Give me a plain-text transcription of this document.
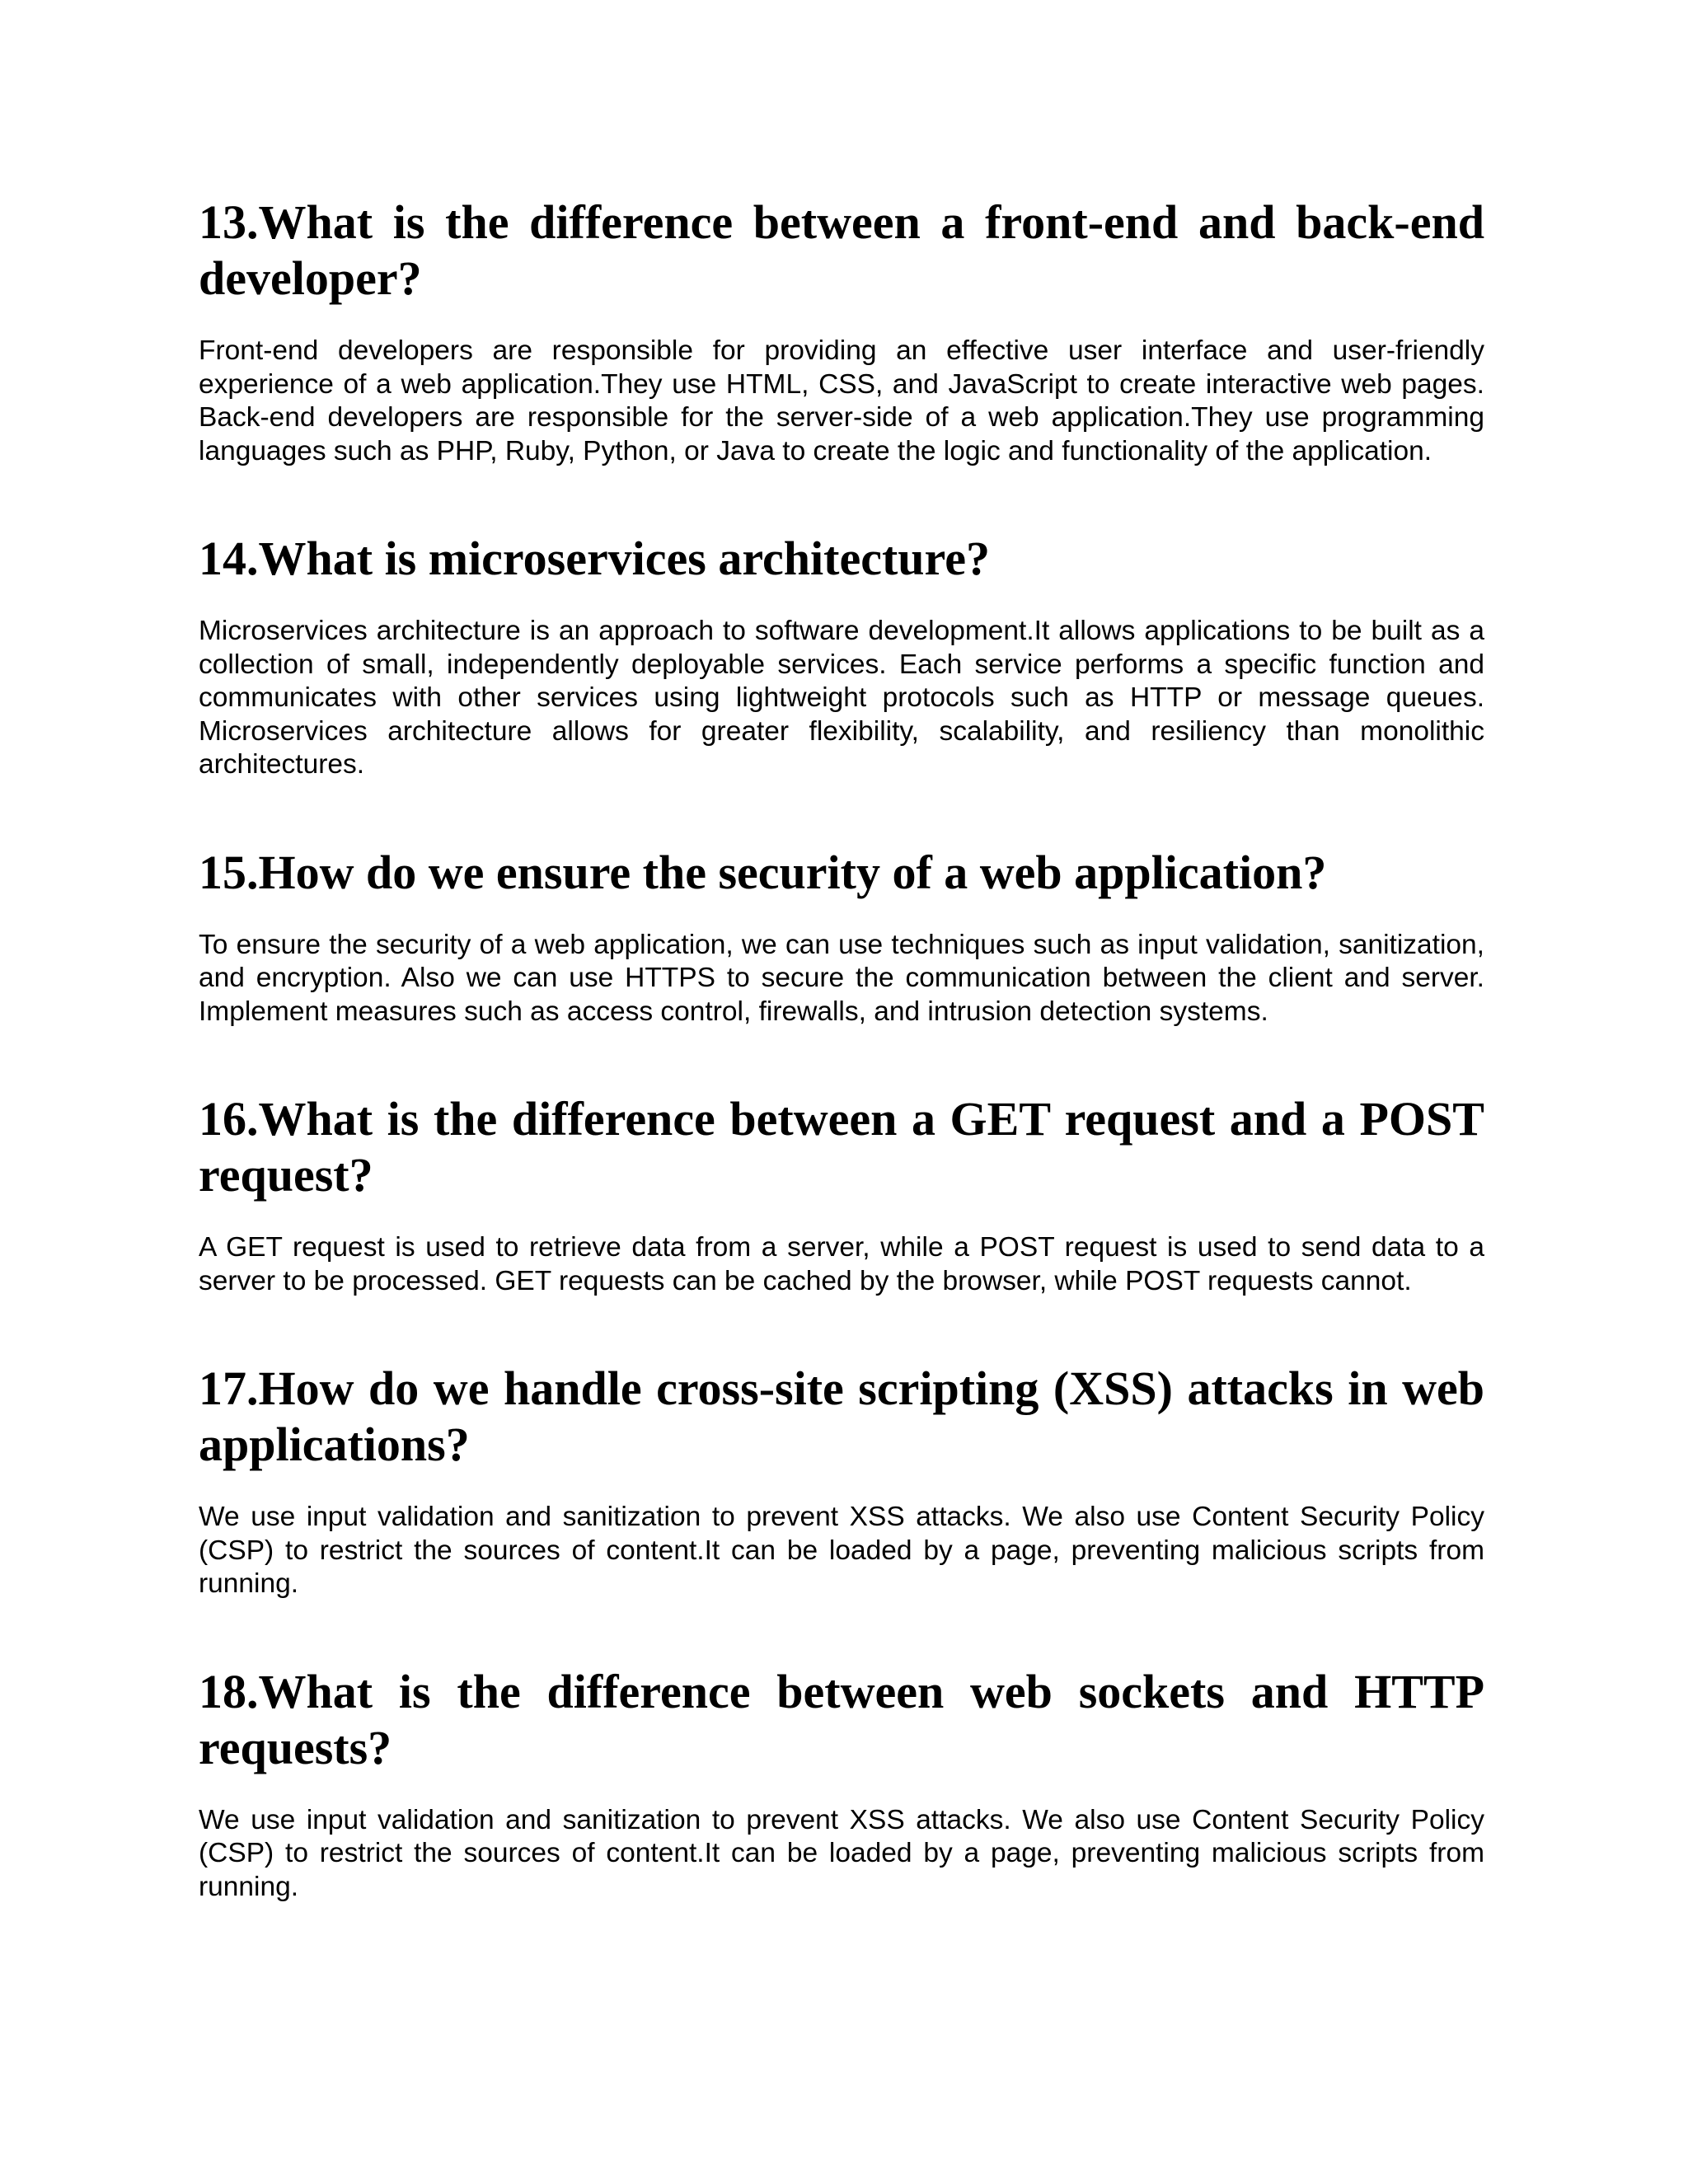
13.What is the difference between a front-end and back-end developer?

Front-end developers are responsible for providing an effective user interface and user-friendly experience of a web application.They use HTML, CSS, and JavaScript to create interactive web pages. Back-end developers are responsible for the server-side of a web application.They use programming languages such as PHP, Ruby, Python, or Java to create the logic and functionality of the application.

14.What is microservices architecture?

Microservices architecture is an approach to software development.It allows applications to be built as a collection of small, independently deployable services. Each service performs a specific function and communicates with other services using lightweight protocols such as HTTP or message queues. Microservices architecture allows for greater flexibility, scalability, and resiliency than monolithic architectures.

15.How do we ensure the security of a web application?

To ensure the security of a web application, we can use techniques such as input validation, sanitization, and encryption. Also we can use HTTPS to secure the communication between the client and server. Implement measures such as access control, firewalls, and intrusion detection systems.

16.What is the difference between a GET request and a POST request?

A GET request is used to retrieve data from a server, while a POST request is used to send data to a server to be processed. GET requests can be cached by the browser, while POST requests cannot.

17.How do we handle cross-site scripting (XSS) attacks in web applications?

We use input validation and sanitization to prevent XSS attacks. We also use Content Security Policy (CSP) to restrict the sources of content.It can be loaded by a page, preventing malicious scripts from running.

18.What is the difference between web sockets and HTTP requests?

We use input validation and sanitization to prevent XSS attacks. We also use Content Security Policy (CSP) to restrict the sources of content.It can be loaded by a page, preventing malicious scripts from running.
